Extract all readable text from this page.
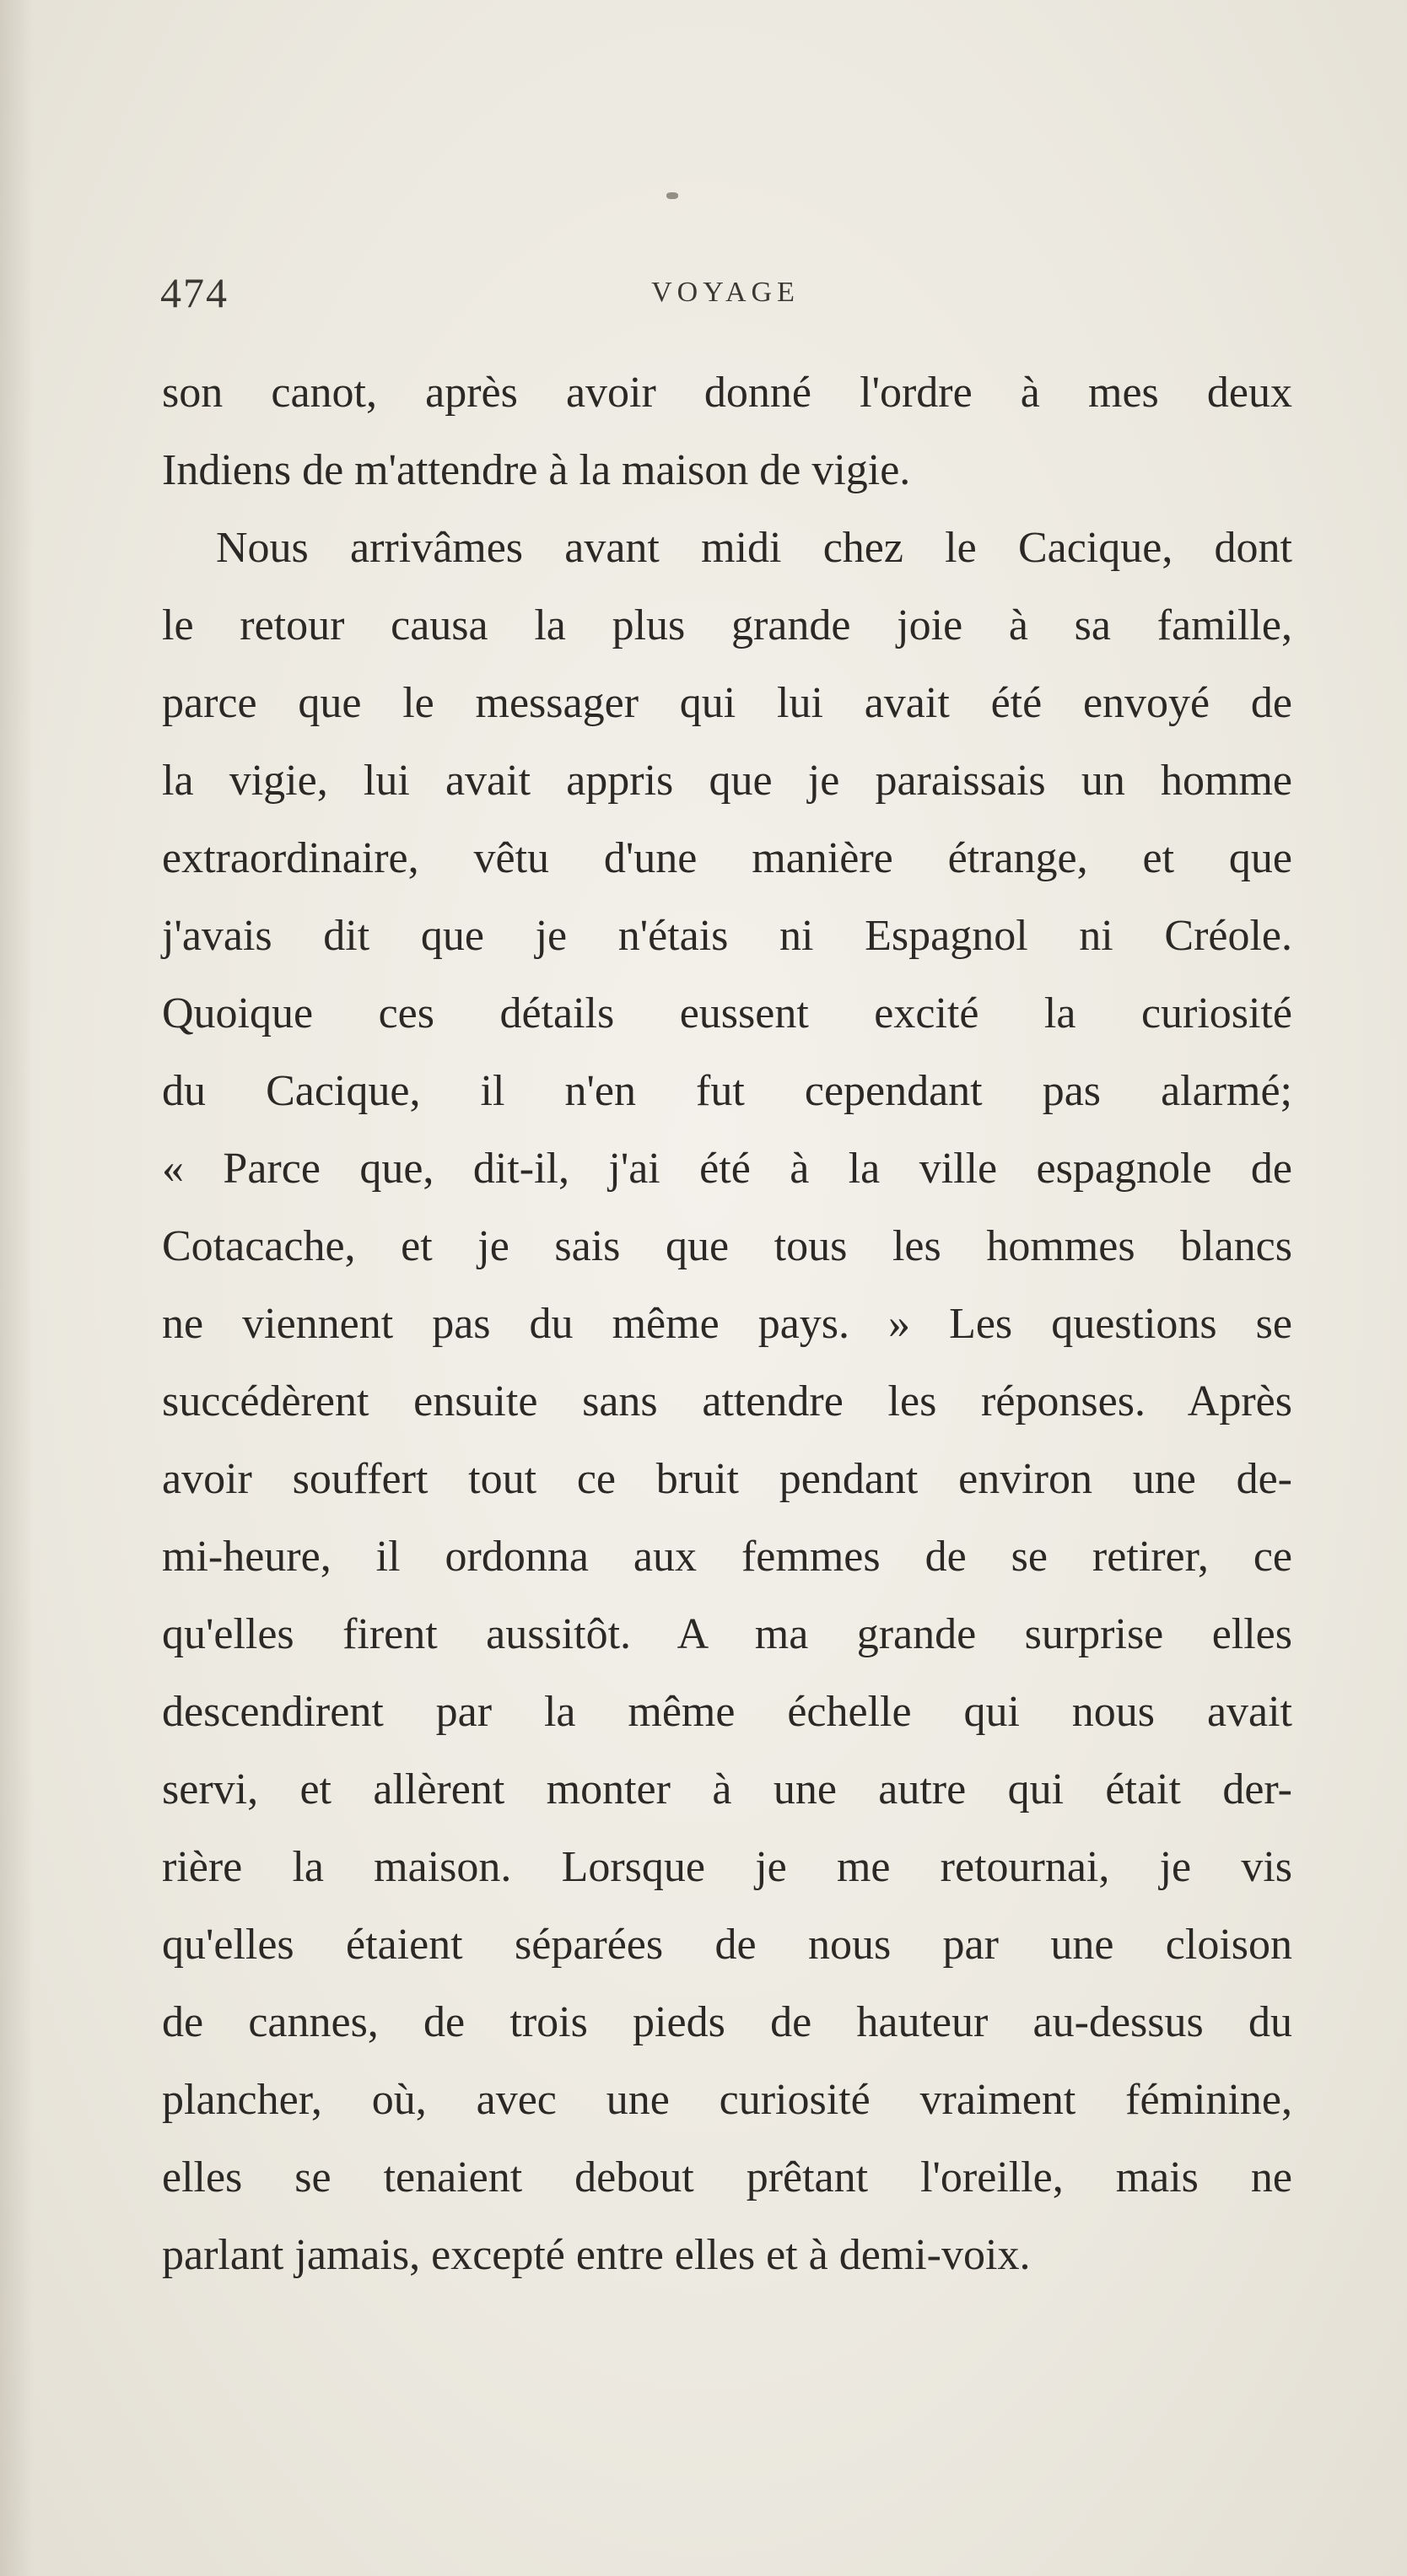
474	VOYAGE
son canot, après avoir donné l'ordre à mes deux
Indiens de m'attendre à la maison de vigie.
Nous arrivâmes avant midi chez le Cacique, dont
le retour causa la plus grande joie à sa famille,
parce que le messager qui lui avait été envoyé de
la vigie, lui avait appris que je paraissais un homme
extraordinaire, vêtu d'une manière étrange, et que
j'avais dit que je n'étais ni Espagnol ni Créole.
Quoique ces détails eussent excité la curiosité
du Cacique, il n'en fut cependant pas alarmé;
« Parce que, dit-il, j'ai été à la ville espagnole de
Cotacache, et je sais que tous les hommes blancs
ne viennent pas du même pays. » Les questions se
succédèrent ensuite sans attendre les réponses. Après
avoir souffert tout ce bruit pendant environ une de-
mi-heure, il ordonna aux femmes de se retirer, ce
qu'elles firent aussitôt. A ma grande surprise elles
descendirent par la même échelle qui nous avait
servi, et allèrent monter à une autre qui était der-
rière la maison. Lorsque je me retournai, je vis
qu'elles étaient séparées de nous par une cloison
de cannes, de trois pieds de hauteur au-dessus du
plancher, où, avec une curiosité vraiment féminine,
elles se tenaient debout prêtant l'oreille, mais ne
parlant jamais, excepté entre elles et à demi-voix.
